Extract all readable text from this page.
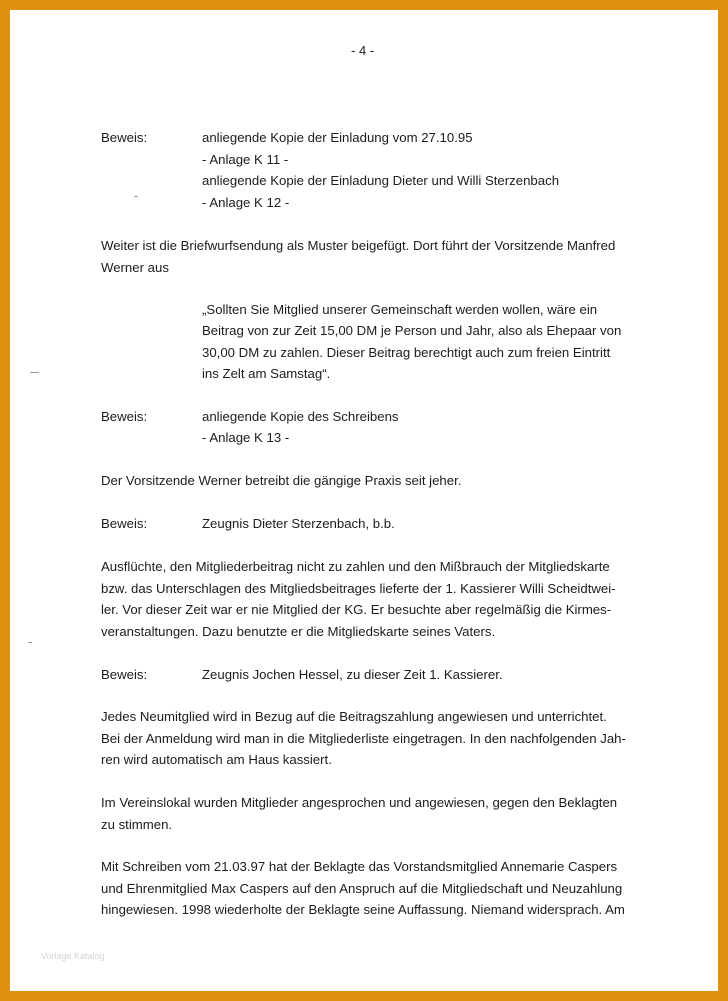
- 4 -
Beweis:	anliegende Kopie der Einladung vom 27.10.95
- Anlage K 11 -
anliegende Kopie der Einladung Dieter und Willi Sterzenbach
- Anlage K 12 -
Weiter ist die Briefwurfsendung als Muster beigefügt. Dort führt der Vorsitzende Manfred
Werner aus
„Sollten Sie Mitglied unserer Gemeinschaft werden wollen, wäre ein
Beitrag von zur Zeit 15,00 DM je Person und Jahr, also als Ehepaar von
30,00 DM zu zahlen. Dieser Beitrag berechtigt auch zum freien Eintritt
ins Zelt am Samstag“.
Beweis:	anliegende Kopie des Schreibens
- Anlage K 13 -
Der Vorsitzende Werner betreibt die gängige Praxis seit jeher.
Beweis:	Zeugnis Dieter Sterzenbach, b.b.
Ausflüchte, den Mitgliederbeitrag nicht zu zahlen und den Mißbrauch der Mitgliedskarte
bzw. das Unterschlagen des Mitgliedsbeitrages lieferte der 1. Kassierer Willi Scheidtwei-
ler. Vor dieser Zeit war er nie Mitglied der KG. Er besuchte aber regelmäßig die Kirmes-
veranstaltungen. Dazu benutzte er die Mitgliedskarte seines Vaters.
Beweis:	Zeugnis Jochen Hessel, zu dieser Zeit 1. Kassierer.
Jedes Neumitglied wird in Bezug auf die Beitragszahlung angewiesen und unterrichtet.
Bei der Anmeldung wird man in die Mitgliederliste eingetragen. In den nachfolgenden Jah-
ren wird automatisch am Haus kassiert.
Im Vereinslokal wurden Mitglieder angesprochen und angewiesen, gegen den Beklagten
zu stimmen.
Mit Schreiben vom 21.03.97 hat der Beklagte das Vorstandsmitglied Annemarie Caspers
und Ehrenmitglied Max Caspers auf den Anspruch auf die Mitgliedschaft und Neuzahlung
hingewiesen. 1998 wiederholte der Beklagte seine Auffassung. Niemand widersprach. Am
Vorlage Katalog
